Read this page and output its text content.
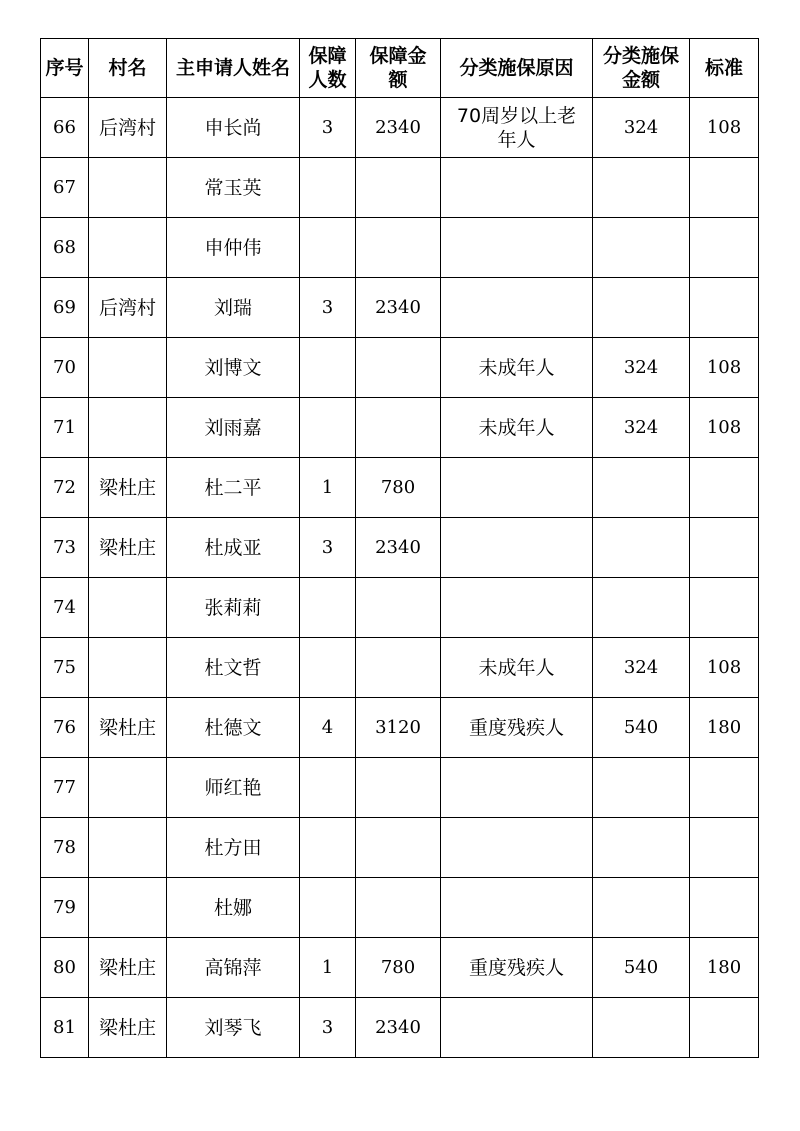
序号	村名	主申请人姓名	保障人数	保障金额	分类施保原因	分类施保金额	标准
66	后湾村	申长尚	3	2340	70周岁以上老年人	324	108
67		常玉英					
68		申仲伟					
69	后湾村	刘瑞	3	2340			
70		刘博文			未成年人	324	108
71		刘雨嘉			未成年人	324	108
72	梁杜庄	杜二平	1	780			
73	梁杜庄	杜成亚	3	2340			
74		张莉莉					
75		杜文哲			未成年人	324	108
76	梁杜庄	杜德文	4	3120	重度残疾人	540	180
77		师红艳					
78		杜方田					
79		杜娜					
80	梁杜庄	高锦萍	1	780	重度残疾人	540	180
81	梁杜庄	刘琴飞	3	2340			
